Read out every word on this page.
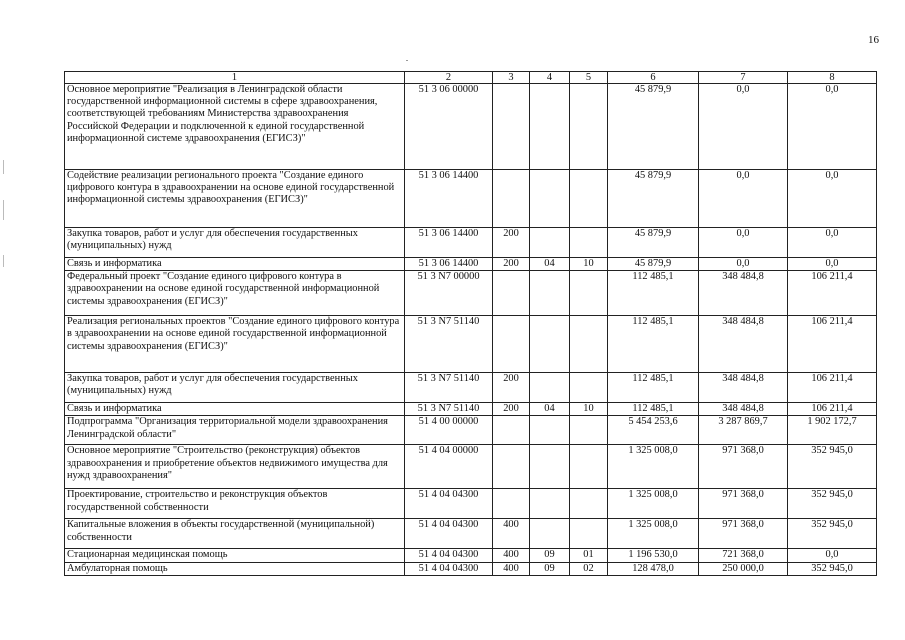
16
1	2	3	4	5	6	7	8
Основное мероприятие "Реализация в Ленинградской области государственной информационной системы в сфере здравоохранения, соответствующей требованиям Министерства здравоохранения Российской Федерации и подключенной к единой государственной информационной системе здравоохранения (ЕГИСЗ)"	51 3 06 00000				45 879,9	0,0	0,0
Содействие реализации регионального проекта "Создание единого цифрового контура в здравоохранении на основе единой государственной информационной системы здравоохранения (ЕГИСЗ)"	51 3 06 14400				45 879,9	0,0	0,0
Закупка товаров, работ и услуг для обеспечения государственных (муниципальных) нужд	51 3 06 14400	200			45 879,9	0,0	0,0
Связь и информатика	51 3 06 14400	200	04	10	45 879,9	0,0	0,0
Федеральный проект "Создание единого цифрового контура в здравоохранении на основе единой государственной информационной системы здравоохранения (ЕГИСЗ)"	51 3 N7 00000				112 485,1	348 484,8	106 211,4
Реализация региональных проектов "Создание единого цифрового контура в здравоохранении на основе единой государственной информационной системы здравоохранения (ЕГИСЗ)"	51 3 N7 51140				112 485,1	348 484,8	106 211,4
Закупка товаров, работ и услуг для обеспечения государственных (муниципальных) нужд	51 3 N7 51140	200			112 485,1	348 484,8	106 211,4
Связь и информатика	51 3 N7 51140	200	04	10	112 485,1	348 484,8	106 211,4
Подпрограмма "Организация территориальной модели здравоохранения Ленинградской области"	51 4 00 00000				5 454 253,6	3 287 869,7	1 902 172,7
Основное мероприятие "Строительство (реконструкция) объектов здравоохранения и приобретение объектов недвижимого имущества для нужд здравоохранения"	51 4 04 00000				1 325 008,0	971 368,0	352 945,0
Проектирование, строительство и реконструкция объектов государственной собственности	51 4 04 04300				1 325 008,0	971 368,0	352 945,0
Капитальные вложения в объекты государственной (муниципальной) собственности	51 4 04 04300	400			1 325 008,0	971 368,0	352 945,0
Стационарная медицинская помощь	51 4 04 04300	400	09	01	1 196 530,0	721 368,0	0,0
Амбулаторная помощь	51 4 04 04300	400	09	02	128 478,0	250 000,0	352 945,0
